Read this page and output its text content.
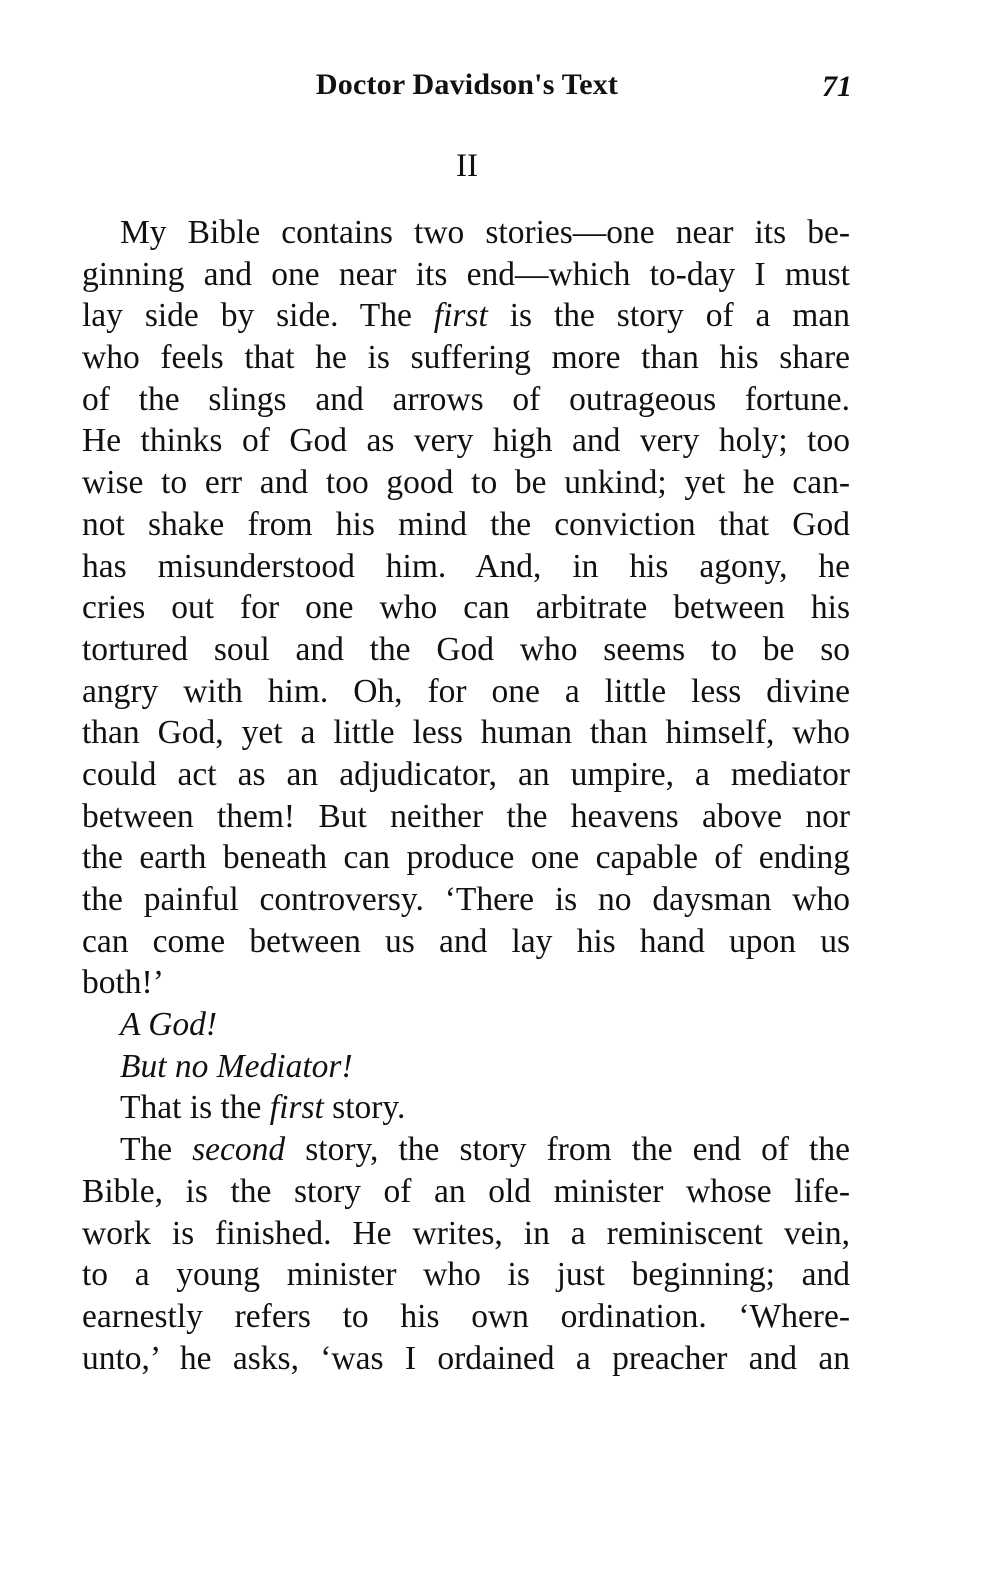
Doctor Davidson's Text	71
II
My Bible contains two stories—one near its be-
ginning and one near its end—which to-day I must
lay side by side. The first is the story of a man
who feels that he is suffering more than his share
of the slings and arrows of outrageous fortune.
He thinks of God as very high and very holy; too
wise to err and too good to be unkind; yet he can-
not shake from his mind the conviction that God
has misunderstood him. And, in his agony, he
cries out for one who can arbitrate between his
tortured soul and the God who seems to be so
angry with him. Oh, for one a little less divine
than God, yet a little less human than himself, who
could act as an adjudicator, an umpire, a mediator
between them! But neither the heavens above nor
the earth beneath can produce one capable of ending
the painful controversy. ‘There is no daysman who
can come between us and lay his hand upon us
both!’
A God!
But no Mediator!
That is the first story.
The second story, the story from the end of the
Bible, is the story of an old minister whose life-
work is finished. He writes, in a reminiscent vein,
to a young minister who is just beginning; and
earnestly refers to his own ordination. ‘Where-
unto,’ he asks, ‘was I ordained a preacher and an
